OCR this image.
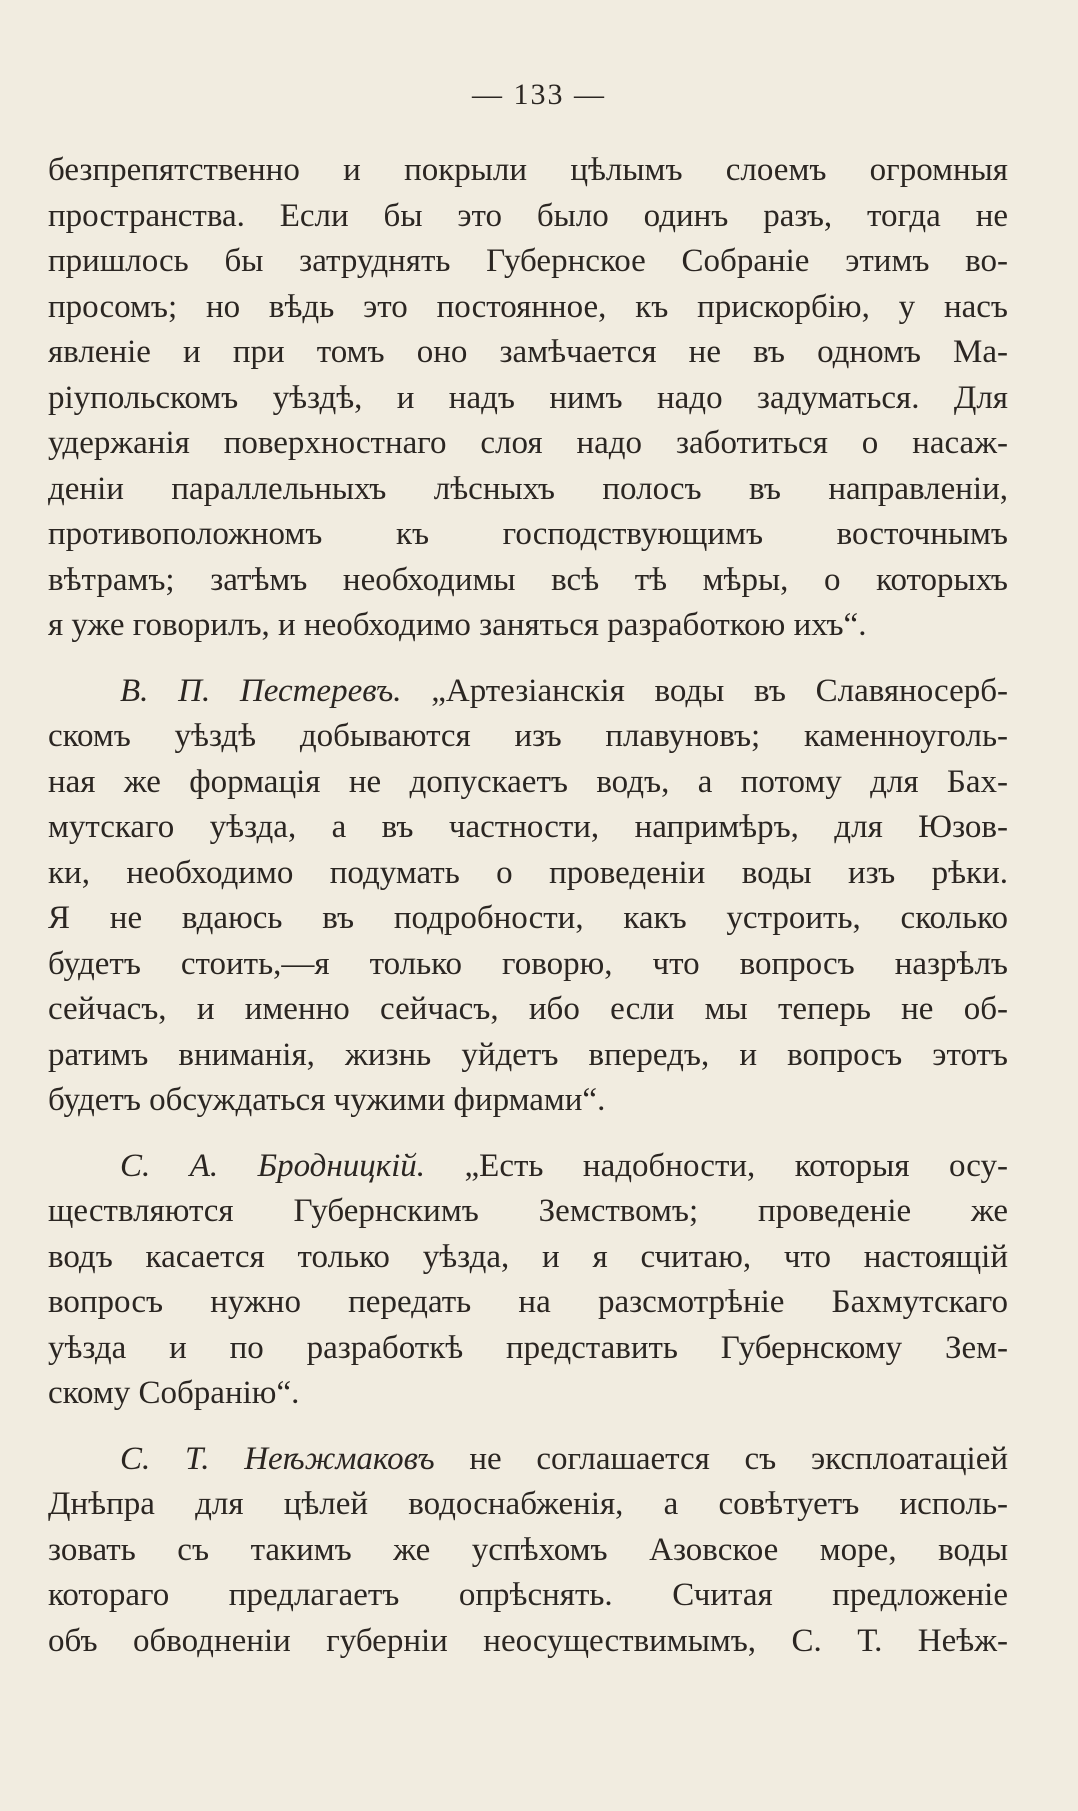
— 133 —
безпрепятственно и покрыли цѣлымъ слоемъ огромныя
пространства. Если бы это было одинъ разъ, тогда не
пришлось бы затруднять Губернское Собраніе этимъ во-
просомъ; но вѣдь это постоянное, къ прискорбію, у насъ
явленіе и при томъ оно замѣчается не въ одномъ Ма-
ріупольскомъ уѣздѣ, и надъ нимъ надо задуматься. Для
удержанія поверхностнаго слоя надо заботиться о насаж-
деніи параллельныхъ лѣсныхъ полосъ въ направленіи,
противоположномъ къ господствующимъ восточнымъ
вѣтрамъ; затѣмъ необходимы всѣ тѣ мѣры, о которыхъ
я уже говорилъ, и необходимо заняться разработкою ихъ“.
В. П. Пестеревъ. „Артезіанскія воды въ Славяносерб-
скомъ уѣздѣ добываются изъ плавуновъ; каменноуголь-
ная же формація не допускаетъ водъ, а потому для Бах-
мутскаго уѣзда, а въ частности, напримѣръ, для Юзов-
ки, необходимо подумать о проведеніи воды изъ рѣки.
Я не вдаюсь въ подробности, какъ устроить, сколько
будетъ стоить,—я только говорю, что вопросъ назрѣлъ
сейчасъ, и именно сейчасъ, ибо если мы теперь не об-
ратимъ вниманія, жизнь уйдетъ впередъ, и вопросъ этотъ
будетъ обсуждаться чужими фирмами“.
С. А. Бродницкій. „Есть надобности, которыя осу-
ществляются Губернскимъ Земствомъ; проведеніе же
водъ касается только уѣзда, и я считаю, что настоящій
вопросъ нужно передать на разсмотрѣніе Бахмутскаго
уѣзда и по разработкѣ представить Губернскому Зем-
скому Собранію“.
С. Т. Неѣжмаковъ не соглашается съ эксплоатаціей
Днѣпра для цѣлей водоснабженія, а совѣтуетъ исполь-
зовать съ такимъ же успѣхомъ Азовское море, воды
котораго предлагаетъ опрѣснять. Считая предложеніе
объ обводненіи губерніи неосуществимымъ, С. Т. Неѣж-
